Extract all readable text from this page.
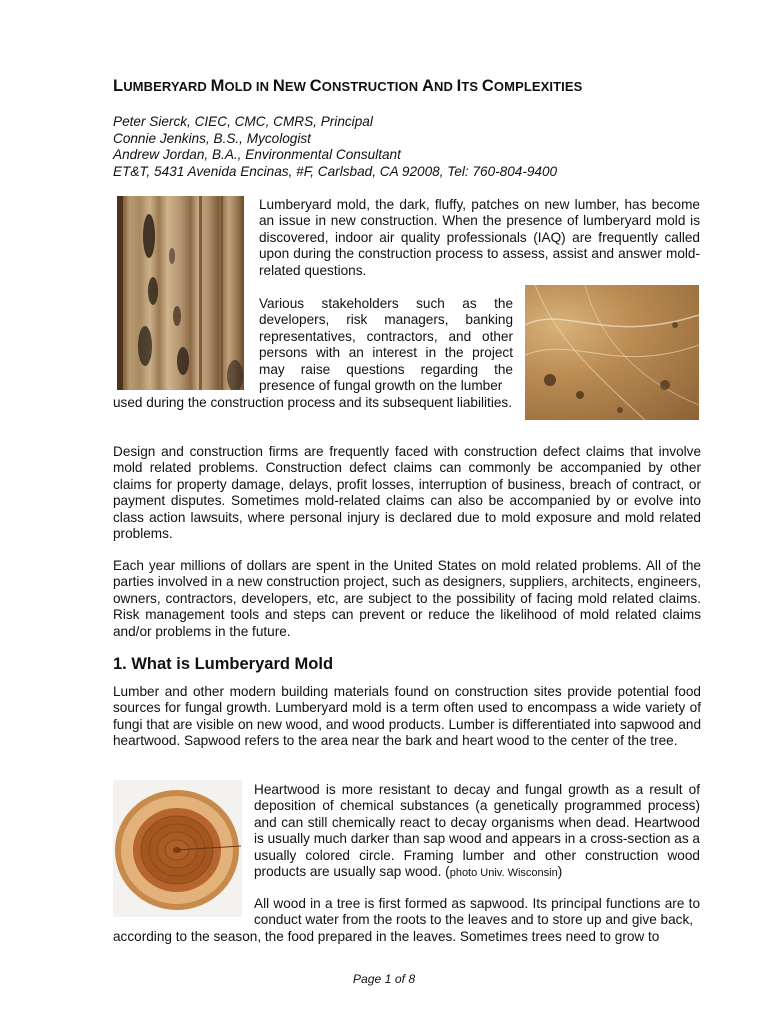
LUMBERYARD MOLD IN NEW CONSTRUCTION AND ITS COMPLEXITIES
Peter Sierck, CIEC, CMC, CMRS, Principal
Connie Jenkins, B.S., Mycologist
Andrew Jordan, B.A., Environmental Consultant
ET&T, 5431 Avenida Encinas, #F, Carlsbad, CA 92008, Tel: 760-804-9400
Lumberyard mold, the dark, fluffy, patches on new lumber, has become an issue in new construction. When the presence of lumberyard mold is discovered, indoor air quality professionals (IAQ) are frequently called upon during the construction process to assess, assist and answer mold-related questions.
Various stakeholders such as the developers, risk managers, banking representatives, contractors, and other persons with an interest in the project may raise questions regarding the presence of fungal growth on the lumber
used during the construction process and its subsequent liabilities.
Design and construction firms are frequently faced with construction defect claims that involve mold related problems. Construction defect claims can commonly be accompanied by other claims for property damage, delays, profit losses, interruption of business, breach of contract, or payment disputes. Sometimes mold-related claims can also be accompanied by or evolve into class action lawsuits, where personal injury is declared due to mold exposure and mold related problems.
Each year millions of dollars are spent in the United States on mold related problems. All of the parties involved in a new construction project, such as designers, suppliers, architects, engineers, owners, contractors, developers, etc, are subject to the possibility of facing mold related claims. Risk management tools and steps can prevent or reduce the likelihood of mold related claims and/or problems in the future.
1. What is Lumberyard Mold
Lumber and other modern building materials found on construction sites provide potential food sources for fungal growth. Lumberyard mold is a term often used to encompass a wide variety of fungi that are visible on new wood, and wood products. Lumber is differentiated into sapwood and heartwood. Sapwood refers to the area near the bark and heart wood to the center of the tree.
Heartwood is more resistant to decay and fungal growth as a result of deposition of chemical substances (a genetically programmed process) and can still chemically react to decay organisms when dead. Heartwood is usually much darker than sap wood and appears in a cross-section as a usually colored circle. Framing lumber and other construction wood products are usually sap wood. (photo Univ. Wisconsin)
All wood in a tree is first formed as sapwood. Its principal functions are to conduct water from the roots to the leaves and to store up and give back,
according to the season, the food prepared in the leaves. Sometimes trees need to grow to
Page 1 of 8
